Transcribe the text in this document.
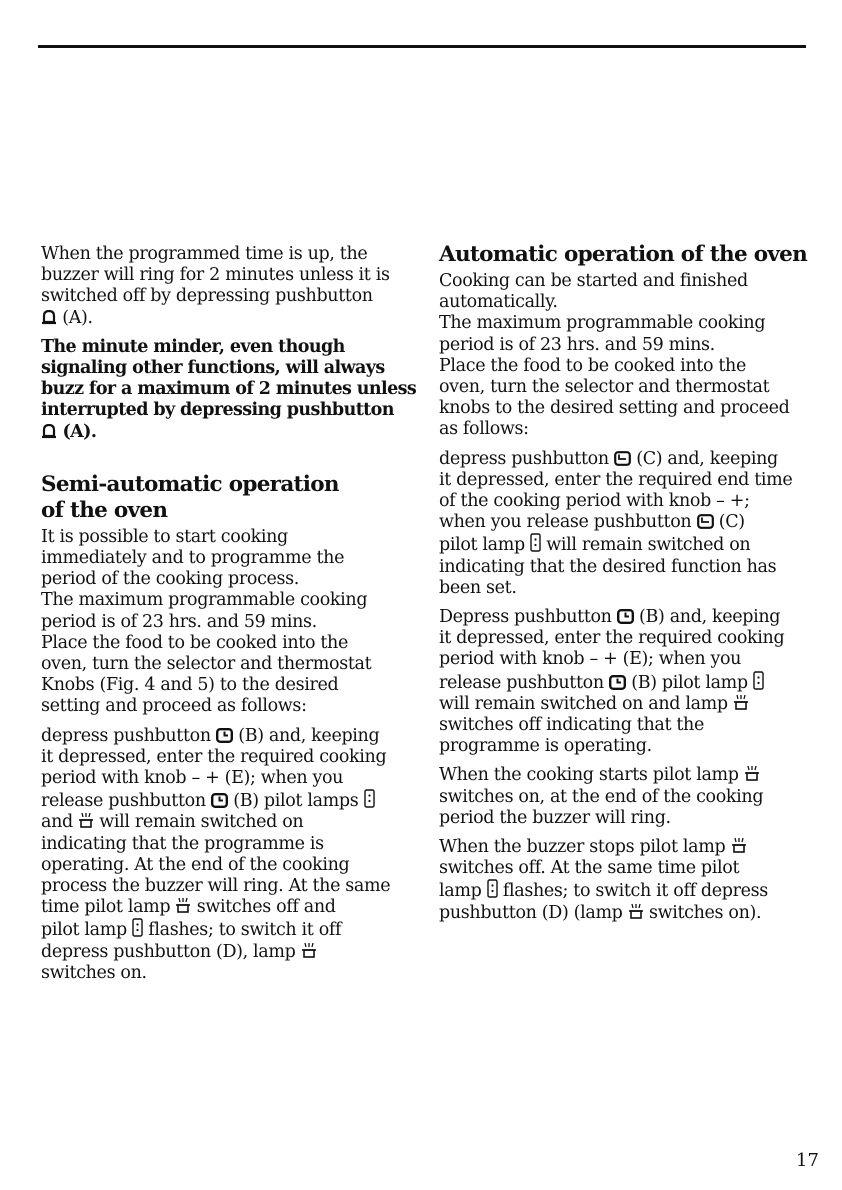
When the programmed time is up, the
buzzer will ring for 2 minutes unless it is
switched off by depressing pushbutton
(A).

The minute minder, even though
signaling other functions, will always
buzz for a maximum of 2 minutes unless
interrupted by depressing pushbutton
(A).

Semi-automatic operation
of the oven

It is possible to start cooking
immediately and to programme the
period of the cooking process.
The maximum programmable cooking
period is of 23 hrs. and 59 mins.
Place the food to be cooked into the
oven, turn the selector and thermostat
Knobs (Fig. 4 and 5) to the desired
setting and proceed as follows:

depress pushbutton (B) and, keeping
it depressed, enter the required cooking
period with knob – + (E); when you
release pushbutton (B) pilot lamps
and will remain switched on
indicating that the programme is
operating. At the end of the cooking
process the buzzer will ring. At the same
time pilot lamp switches off and
pilot lamp flashes; to switch it off
depress pushbutton (D), lamp
switches on.

Automatic operation of the oven

Cooking can be started and finished
automatically.
The maximum programmable cooking
period is of 23 hrs. and 59 mins.
Place the food to be cooked into the
oven, turn the selector and thermostat
knobs to the desired setting and proceed
as follows:

depress pushbutton (C) and, keeping
it depressed, enter the required end time
of the cooking period with knob – +;
when you release pushbutton (C)
pilot lamp will remain switched on
indicating that the desired function has
been set.

Depress pushbutton (B) and, keeping
it depressed, enter the required cooking
period with knob – + (E); when you
release pushbutton (B) pilot lamp
will remain switched on and lamp
switches off indicating that the
programme is operating.

When the cooking starts pilot lamp
switches on, at the end of the cooking
period the buzzer will ring.

When the buzzer stops pilot lamp
switches off. At the same time pilot
lamp flashes; to switch it off depress
pushbutton (D) (lamp switches on).

17
